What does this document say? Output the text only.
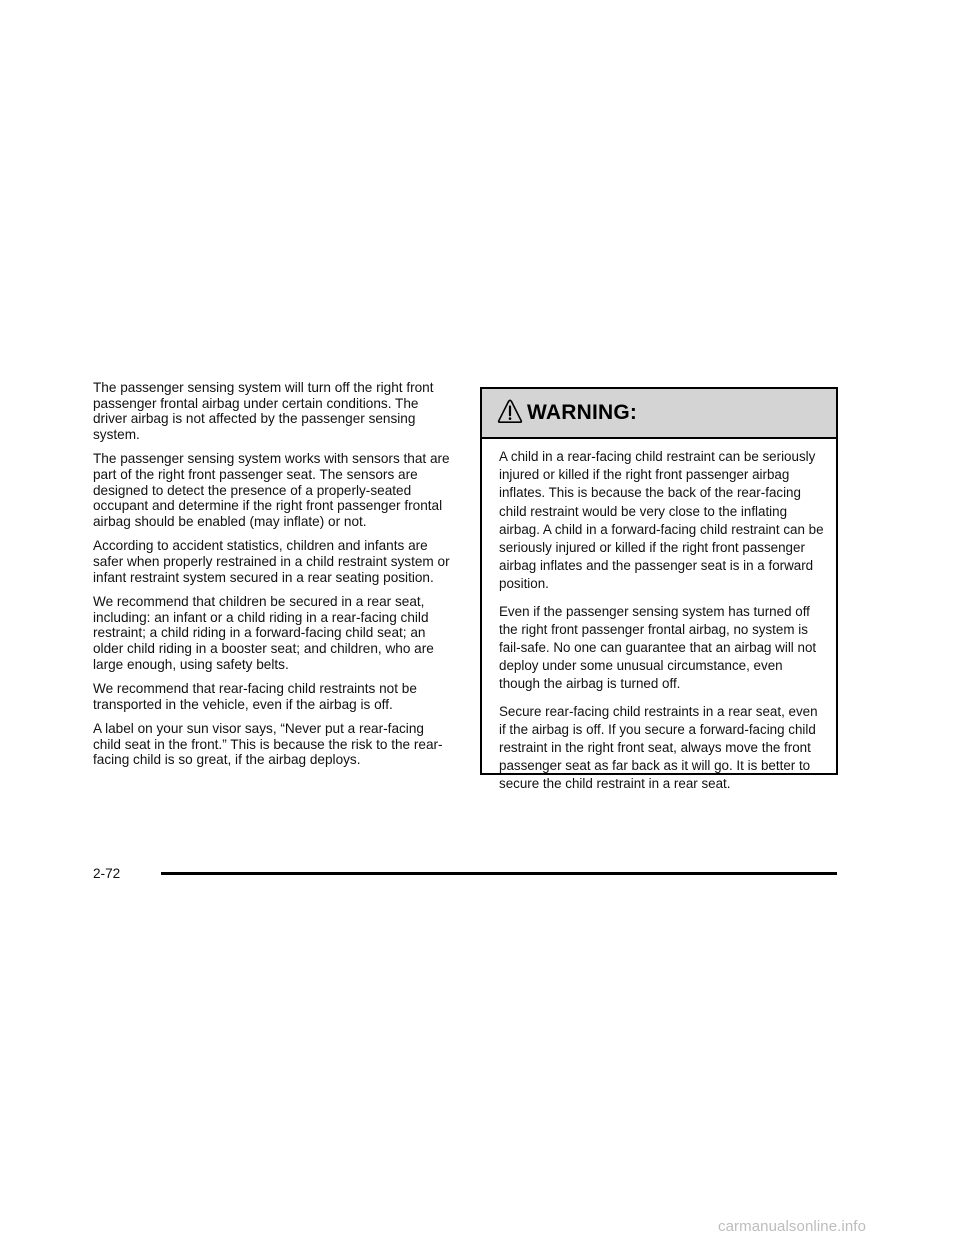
The passenger sensing system will turn off the right front passenger frontal airbag under certain conditions. The driver airbag is not affected by the passenger sensing system.

The passenger sensing system works with sensors that are part of the right front passenger seat. The sensors are designed to detect the presence of a properly-seated occupant and determine if the right front passenger frontal airbag should be enabled (may inflate) or not.

According to accident statistics, children and infants are safer when properly restrained in a child restraint system or infant restraint system secured in a rear seating position.

We recommend that children be secured in a rear seat, including: an infant or a child riding in a rear-facing child restraint; a child riding in a forward-facing child seat; an older child riding in a booster seat; and children, who are large enough, using safety belts.

We recommend that rear-facing child restraints not be transported in the vehicle, even if the airbag is off.

A label on your sun visor says, “Never put a rear-facing child seat in the front.” This is because the risk to the rear-facing child is so great, if the airbag deploys.

WARNING:

A child in a rear-facing child restraint can be seriously injured or killed if the right front passenger airbag inflates. This is because the back of the rear-facing child restraint would be very close to the inflating airbag. A child in a forward-facing child restraint can be seriously injured or killed if the right front passenger airbag inflates and the passenger seat is in a forward position.

Even if the passenger sensing system has turned off the right front passenger frontal airbag, no system is fail-safe. No one can guarantee that an airbag will not deploy under some unusual circumstance, even though the airbag is turned off.

Secure rear-facing child restraints in a rear seat, even if the airbag is off. If you secure a forward-facing child restraint in the right front seat, always move the front passenger seat as far back as it will go. It is better to secure the child restraint in a rear seat.

2-72
carmanualsonline.info
